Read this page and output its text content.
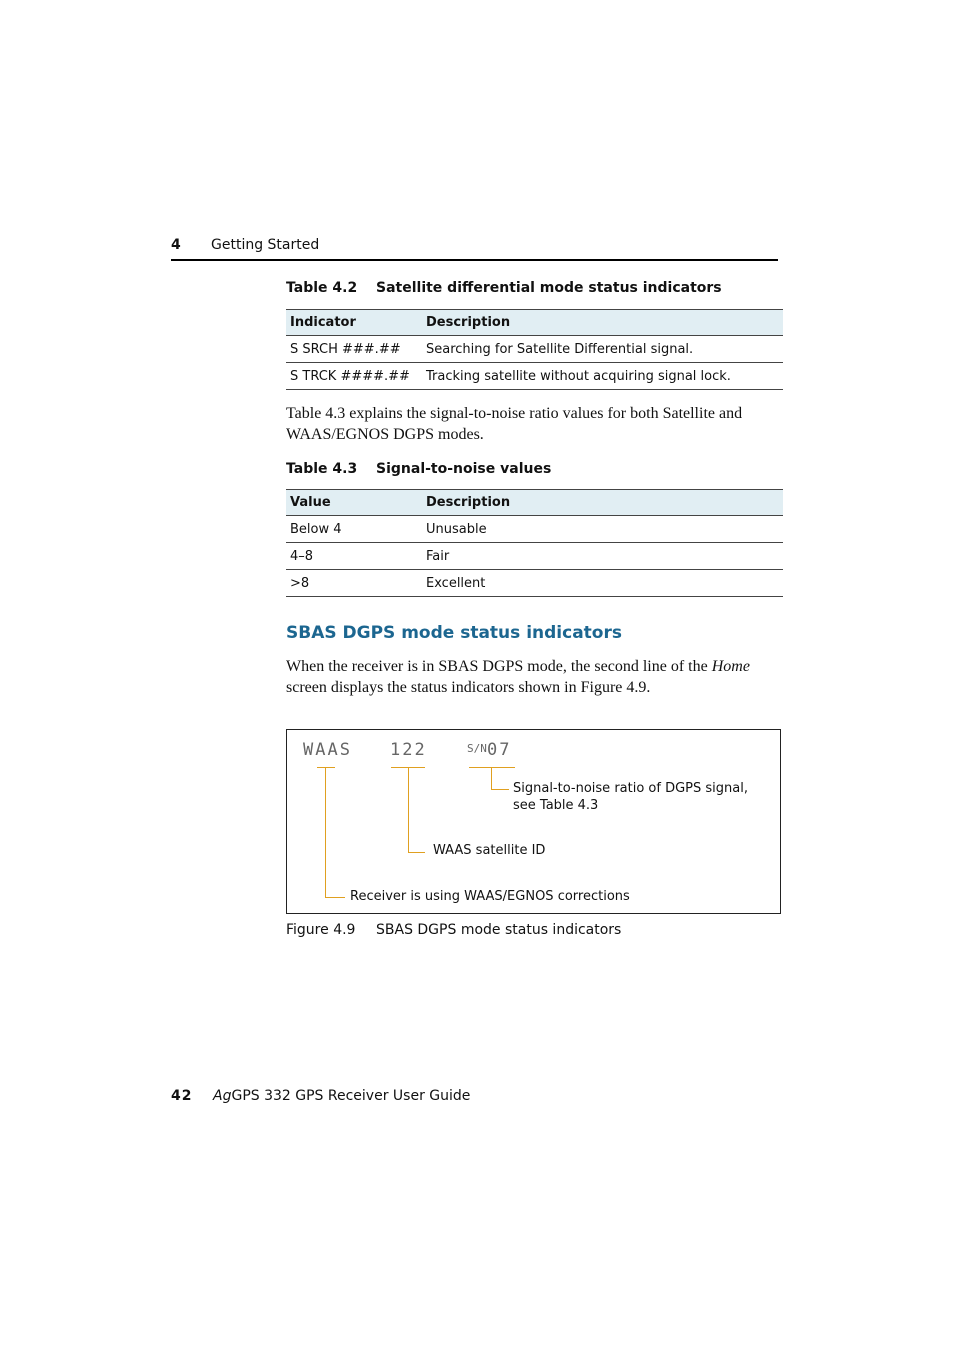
4 Getting Started
Table 4.2 Satellite differential mode status indicators
Indicator	Description
S SRCH ###.##	Searching for Satellite Differential signal.
S TRCK ####.##	Tracking satellite without acquiring signal lock.
Table 4.3 explains the signal-to-noise ratio values for both Satellite and WAAS/EGNOS DGPS modes.
Table 4.3 Signal-to-noise values
Value	Description
Below 4	Unusable
4–8	Fair
>8	Excellent
SBAS DGPS mode status indicators
When the receiver is in SBAS DGPS mode, the second line of the Home screen displays the status indicators shown in Figure 4.9.
WAAS 122	S/N 07
Signal-to-noise ratio of DGPS signal,
see Table 4.3
WAAS satellite ID
Receiver is using WAAS/EGNOS corrections
Figure 4.9 SBAS DGPS mode status indicators
42 AgGPS 332 GPS Receiver User Guide
